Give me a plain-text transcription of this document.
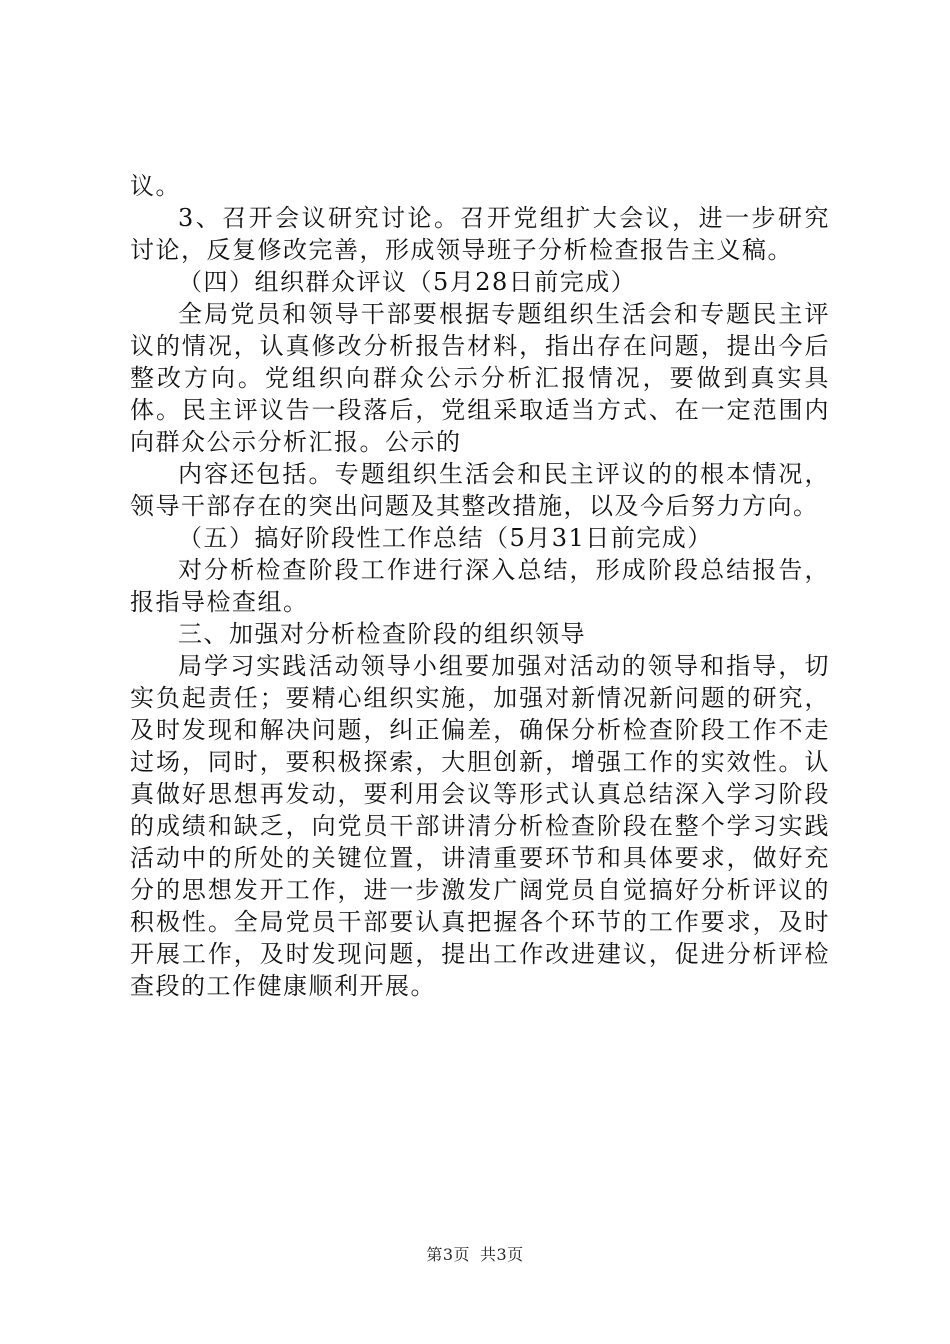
议。

3、召开会议研究讨论。召开党组扩大会议，进一步研究讨论，反复修改完善，形成领导班子分析检查报告主义稿。

（四）组织群众评议（5月28日前完成）

全局党员和领导干部要根据专题组织生活会和专题民主评议的情况，认真修改分析报告材料，指出存在问题，提出今后整改方向。党组织向群众公示分析汇报情况，要做到真实具体。民主评议告一段落后，党组采取适当方式、在一定范围内向群众公示分析汇报。公示的

内容还包括。专题组织生活会和民主评议的的根本情况，领导干部存在的突出问题及其整改措施，以及今后努力方向。

（五）搞好阶段性工作总结（5月31日前完成）

对分析检查阶段工作进行深入总结，形成阶段总结报告，报指导检查组。

三、加强对分析检查阶段的组织领导

局学习实践活动领导小组要加强对活动的领导和指导，切实负起责任；要精心组织实施，加强对新情况新问题的研究，及时发现和解决问题，纠正偏差，确保分析检查阶段工作不走过场，同时，要积极探索，大胆创新，增强工作的实效性。认真做好思想再发动，要利用会议等形式认真总结深入学习阶段的成绩和缺乏，向党员干部讲清分析检查阶段在整个学习实践活动中的所处的关键位置，讲清重要环节和具体要求，做好充分的思想发开工作，进一步激发广阔党员自觉搞好分析评议的积极性。全局党员干部要认真把握各个环节的工作要求，及时开展工作，及时发现问题，提出工作改进建议，促进分析评检查段的工作健康顺利开展。

第3页 共3页
